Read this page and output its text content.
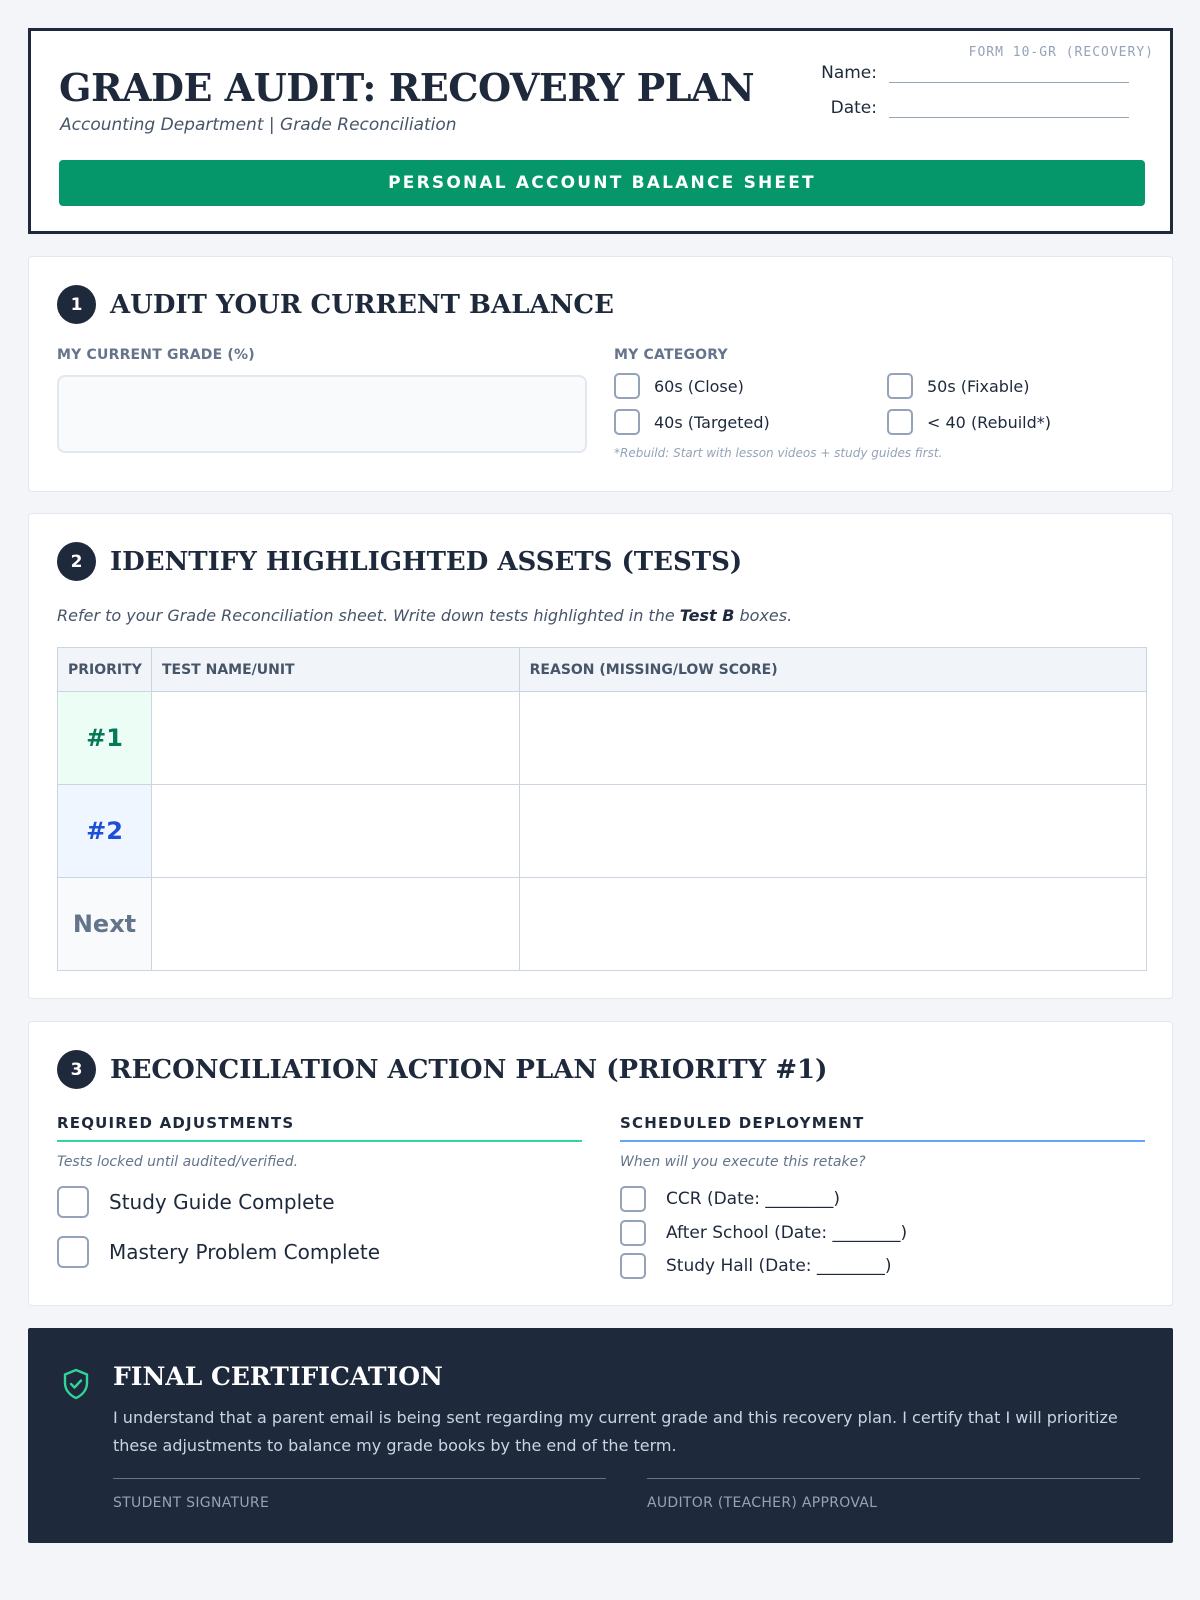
FORM 10-GR (RECOVERY)
GRADE AUDIT: RECOVERY PLAN
Accounting Department | Grade Reconciliation
Name:
Date:
PERSONAL ACCOUNT BALANCE SHEET
1	AUDIT YOUR CURRENT BALANCE
MY CURRENT GRADE (%)	MY CATEGORY
60s (Close)	50s (Fixable)
40s (Targeted)	< 40 (Rebuild*)
*Rebuild: Start with lesson videos + study guides first.
2	IDENTIFY HIGHLIGHTED ASSETS (TESTS)
Refer to your Grade Reconciliation sheet. Write down tests highlighted in the Test B boxes.
PRIORITY	TEST NAME/UNIT	REASON (MISSING/LOW SCORE)
#1		
#2		
Next		
3	RECONCILIATION ACTION PLAN (PRIORITY #1)
REQUIRED ADJUSTMENTS
Tests locked until audited/verified.
Study Guide Complete
Mastery Problem Complete
SCHEDULED DEPLOYMENT
When will you execute this retake?
CCR (Date: ________)
After School (Date: ________)
Study Hall (Date: ________)
FINAL CERTIFICATION
I understand that a parent email is being sent regarding my current grade and this recovery plan. I certify that I will prioritize these adjustments to balance my grade books by the end of the term.
STUDENT SIGNATURE	AUDITOR (TEACHER) APPROVAL
